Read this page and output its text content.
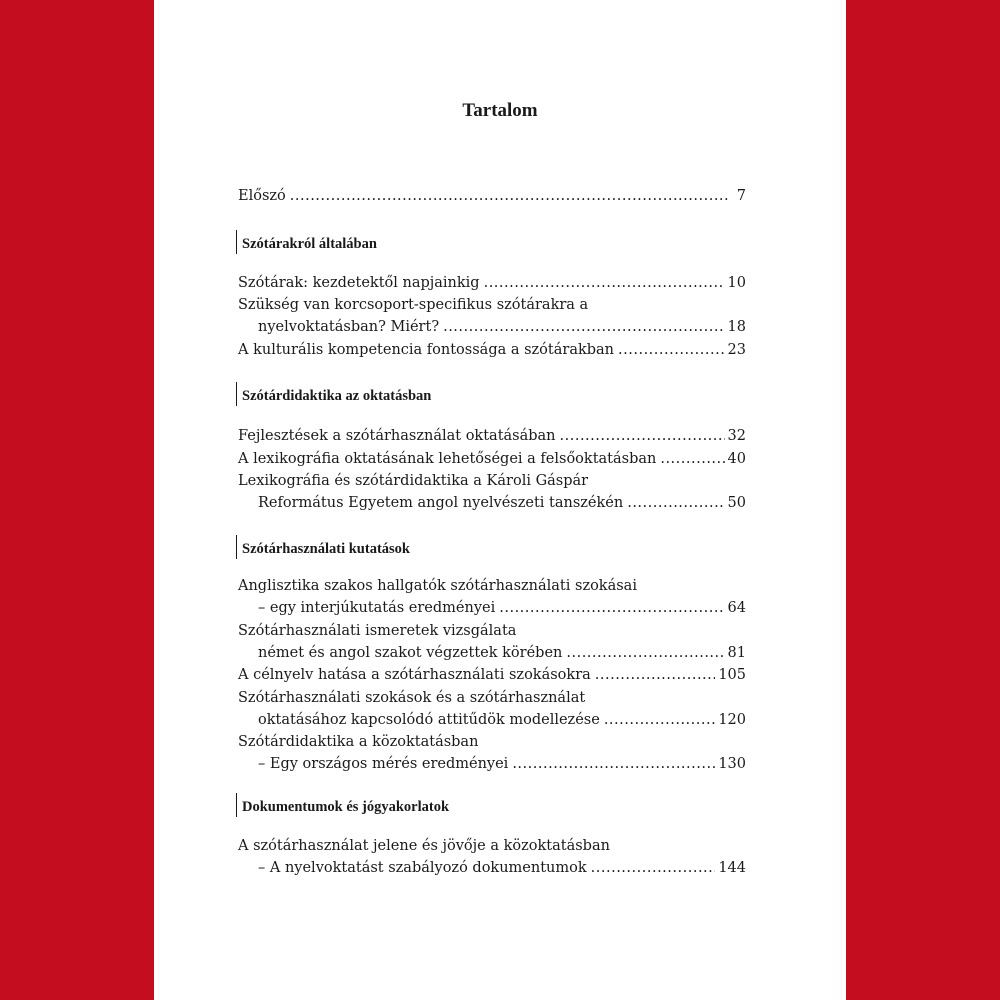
Tartalom
Előszó .....	7
Szótárakról általában
Szótárak: kezdetektől napjainkig .....	10
Szükség van korcsoport-specifikus szótárakra a
nyelvoktatásban? Miért? .....	18
A kulturális kompetencia fontossága a szótárakban .....	23
Szótárdidaktika az oktatásban
Fejlesztések a szótárhasználat oktatásában .....	32
A lexikográfia oktatásának lehetőségei a felsőoktatásban .....	40
Lexikográfia és szótárdidaktika a Károli Gáspár
Református Egyetem angol nyelvészeti tanszékén .....	50
Szótárhasználati kutatások
Anglisztika szakos hallgatók szótárhasználati szokásai
– egy interjúkutatás eredményei .....	64
Szótárhasználati ismeretek vizsgálata
német és angol szakot végzettek körében .....	81
A célnyelv hatása a szótárhasználati szokásokra .....	105
Szótárhasználati szokások és a szótárhasználat
oktatásához kapcsolódó attitűdök modellezése .....	120
Szótárdidaktika a közoktatásban
– Egy országos mérés eredményei .....	130
Dokumentumok és jógyakorlatok
A szótárhasználat jelene és jövője a közoktatásban
– A nyelvoktatást szabályozó dokumentumok .....	144
